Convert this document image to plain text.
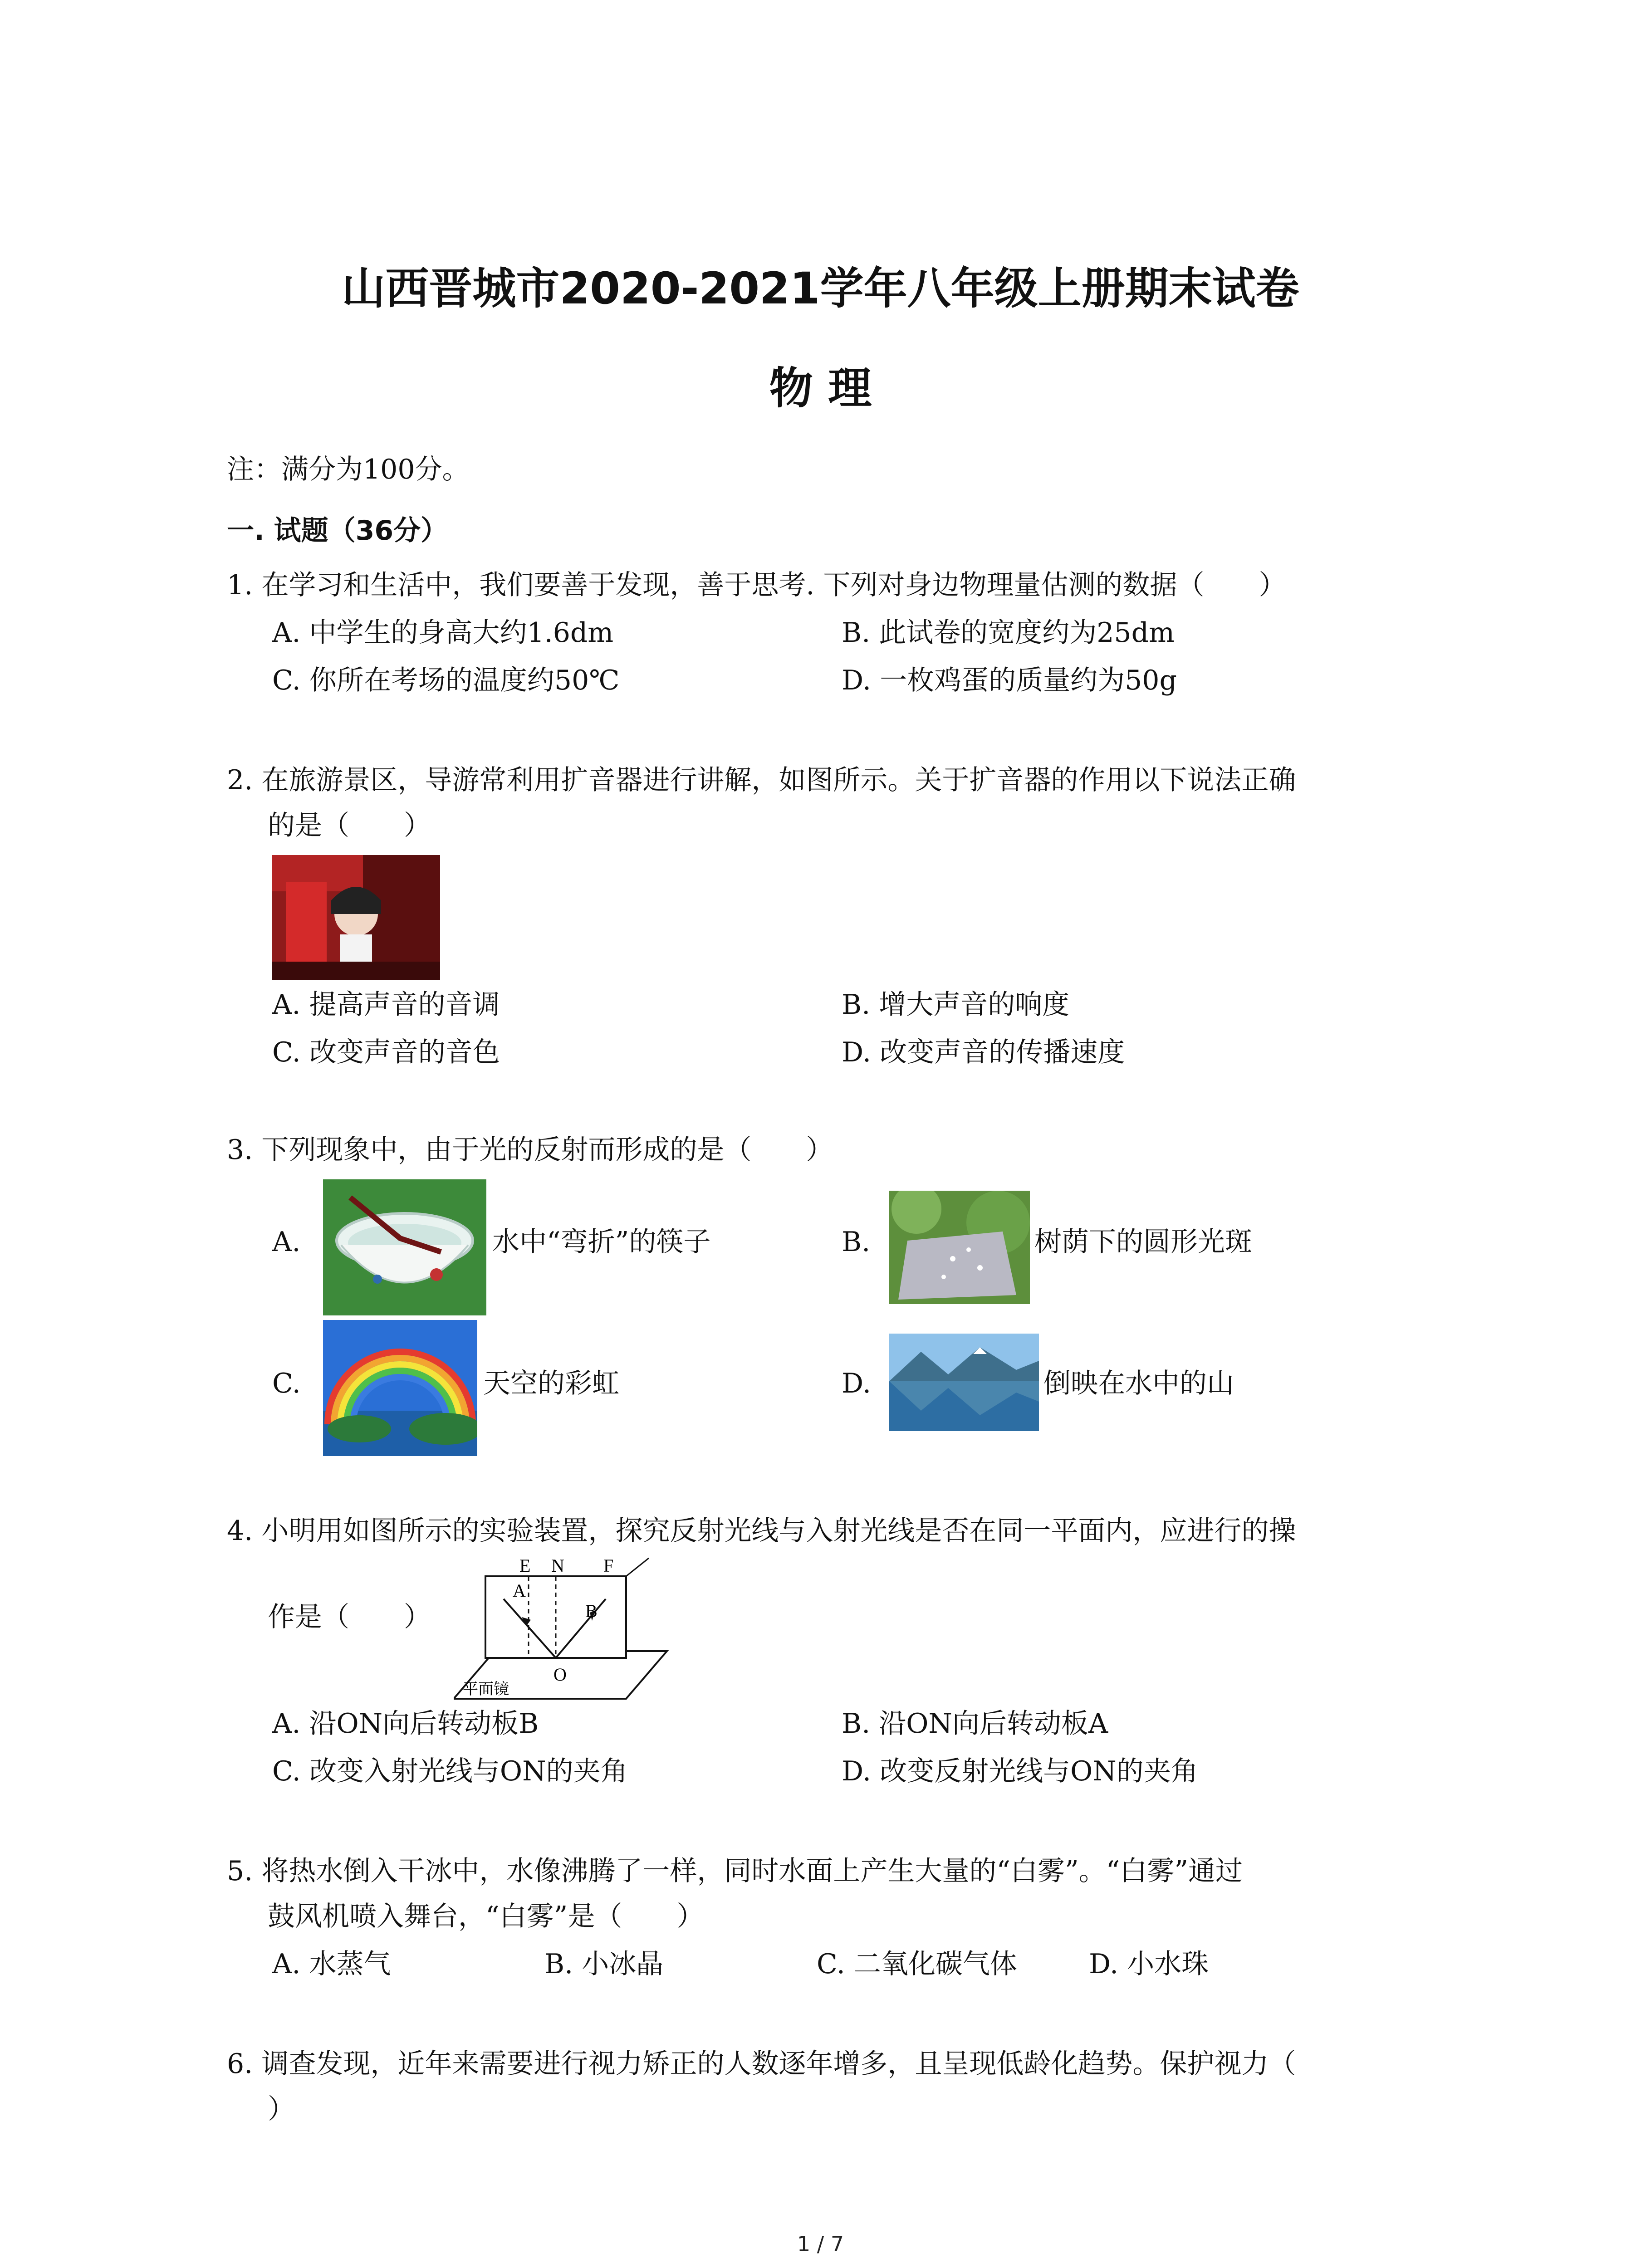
山西晋城市2020-2021学年八年级上册期末试卷
物 理
注：满分为100分。
一. 试题（36分）
1. 在学习和生活中，我们要善于发现，善于思考. 下列对身边物理量估测的数据（　　）
A. 中学生的身高大约1.6dm	B. 此试卷的宽度约为25dm
C. 你所在考场的温度约50℃	D. 一枚鸡蛋的质量约为50g
2. 在旅游景区，导游常利用扩音器进行讲解，如图所示。关于扩音器的作用以下说法正确
的是（　　）
A. 提高声音的音调	B. 增大声音的响度
C. 改变声音的音色	D. 改变声音的传播速度
3. 下列现象中，由于光的反射而形成的是（　　）
A.	水中“弯折”的筷子	B.	树荫下的圆形光斑
C.	天空的彩虹	D.	倒映在水中的山
4. 小明用如图所示的实验装置，探究反射光线与入射光线是否在同一平面内，应进行的操
作是（　　）
E N F
A
B
O
平面镜
A. 沿ON向后转动板B	B. 沿ON向后转动板A
C. 改变入射光线与ON的夹角	D. 改变反射光线与ON的夹角
5. 将热水倒入干冰中，水像沸腾了一样，同时水面上产生大量的“白雾”。“白雾”通过
鼓风机喷入舞台，“白雾”是（　　）
A. 水蒸气	B. 小冰晶	C. 二氧化碳气体	D. 小水珠
6. 调查发现，近年来需要进行视力矫正的人数逐年增多，且呈现低龄化趋势。保护视力（
）
1 / 7
